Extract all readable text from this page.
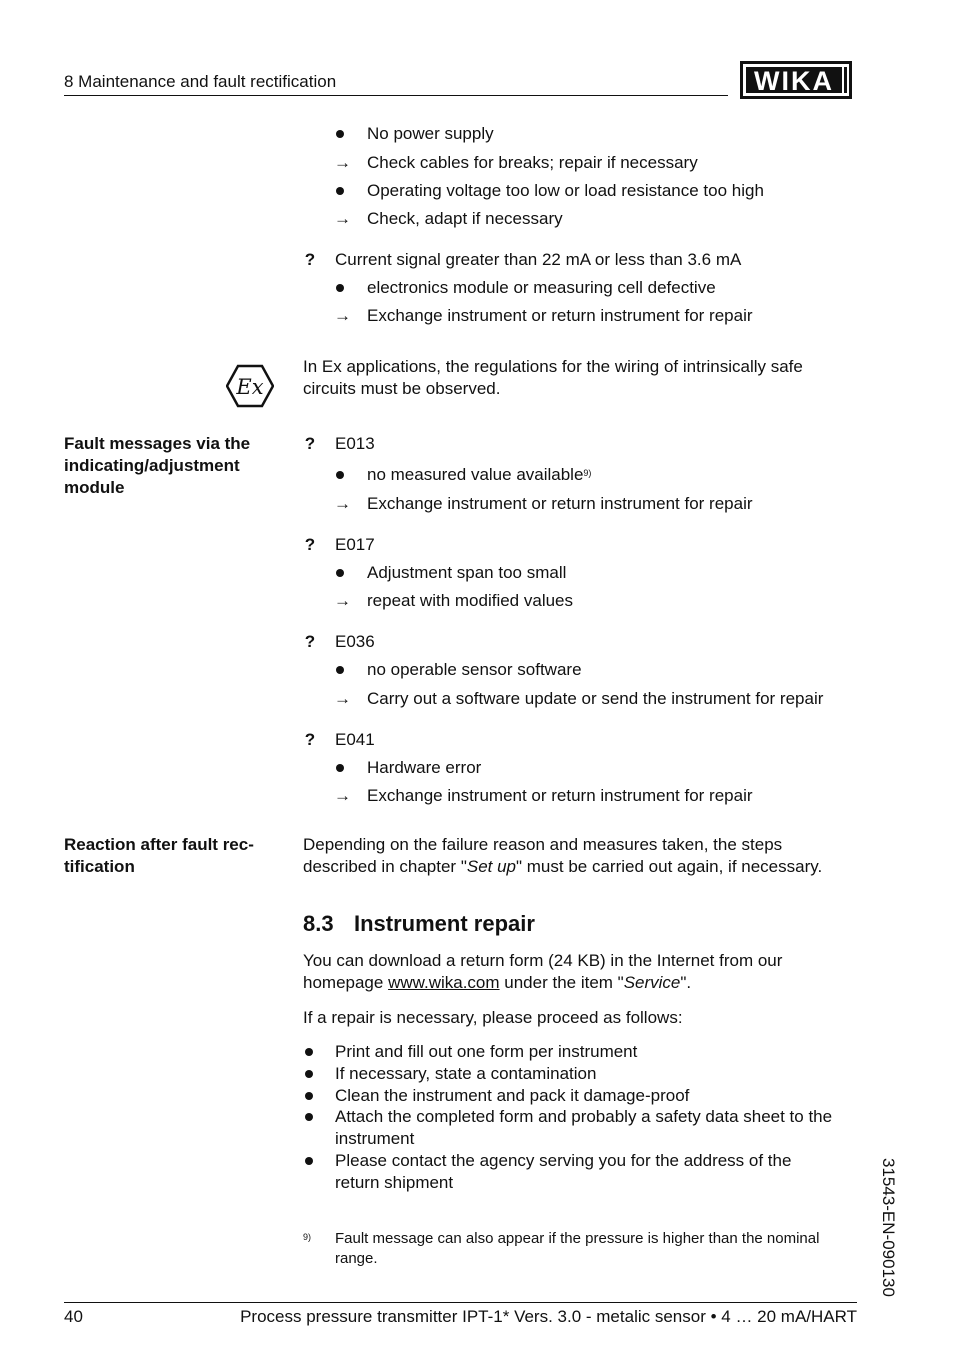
8 Maintenance and fault rectification	WIKA
No power supply
→ Check cables for breaks; repair if necessary
Operating voltage too low or load resistance too high
→ Check, adapt if necessary
? Current signal greater than 22 mA or less than 3.6 mA
electronics module or measuring cell defective
→ Exchange instrument or return instrument for repair
Ex
In Ex applications, the regulations for the wiring of intrinsically safe
circuits must be observed.
Fault messages via the indicating/adjustment module
? E013
no measured value available$^{9)}$
→ Exchange instrument or return instrument for repair
? E017
Adjustment span too small
→ repeat with modified values
? E036
no operable sensor software
→ Carry out a software update or send the instrument for repair
? E041
Hardware error
→ Exchange instrument or return instrument for repair
Reaction after fault rec- tification
Depending on the failure reason and measures taken, the steps
described in chapter "Set up" must be carried out again, if necessary.
8.3 Instrument repair
You can download a return form (24 KB) in the Internet from our
homepage www.wika.com under the item "Service".
If a repair is necessary, please proceed as follows:
Print and fill out one form per instrument
If necessary, state a contamination
Clean the instrument and pack it damage-proof
Attach the completed form and probably a safety data sheet to the
instrument
Please contact the agency serving you for the address of the
return shipment
9) Fault message can also appear if the pressure is higher than the nominal
range.	31543-EN-090130
40	Process pressure transmitter IPT-1* Vers. 3.0 - metalic sensor • 4 … 20 mA/HART
